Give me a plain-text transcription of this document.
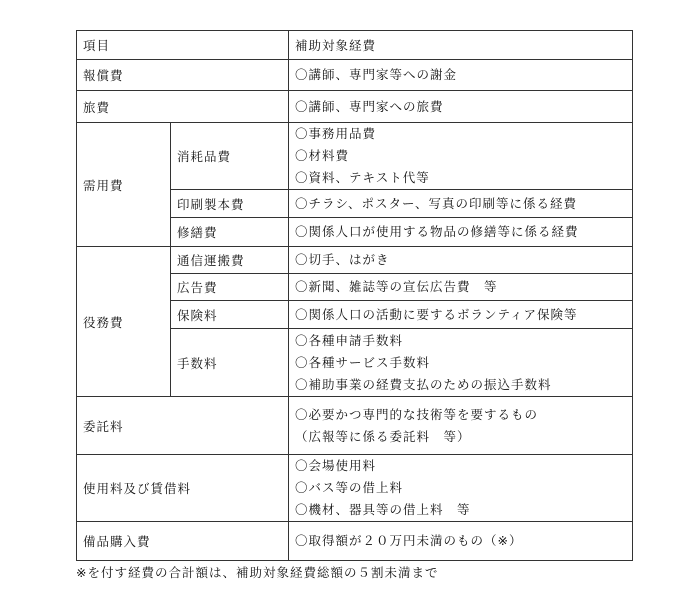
項目		補助対象経費
報償費		〇講師、専門家等への謝金

旅費		〇講師、専門家への旅費

需用費	消耗品費	〇事務用品費
〇材料費
〇資料、テキスト代等

	印刷製本費	〇チラシ、ポスター、写真の印刷等に係る経費

	修繕費	〇関係人口が使用する物品の修繕等に係る経費

役務費	通信運搬費	〇切手、はがき

	広告費	〇新聞、雑誌等の宣伝広告費　等

	保険料	〇関係人口の活動に要するボランティア保険等

	手数料	〇各種申請手数料
〇各種サービス手数料
〇補助事業の経費支払のための振込手数料

委託料		〇必要かつ専門的な技術等を要するもの
（広報等に係る委託料　等）

使用料及び賃借料		〇会場使用料
〇バス等の借上料
〇機材、器具等の借上料　等

備品購入費		〇取得額が２０万円未満のもの（※）
※を付す経費の合計額は、補助対象経費総額の５割未満まで
